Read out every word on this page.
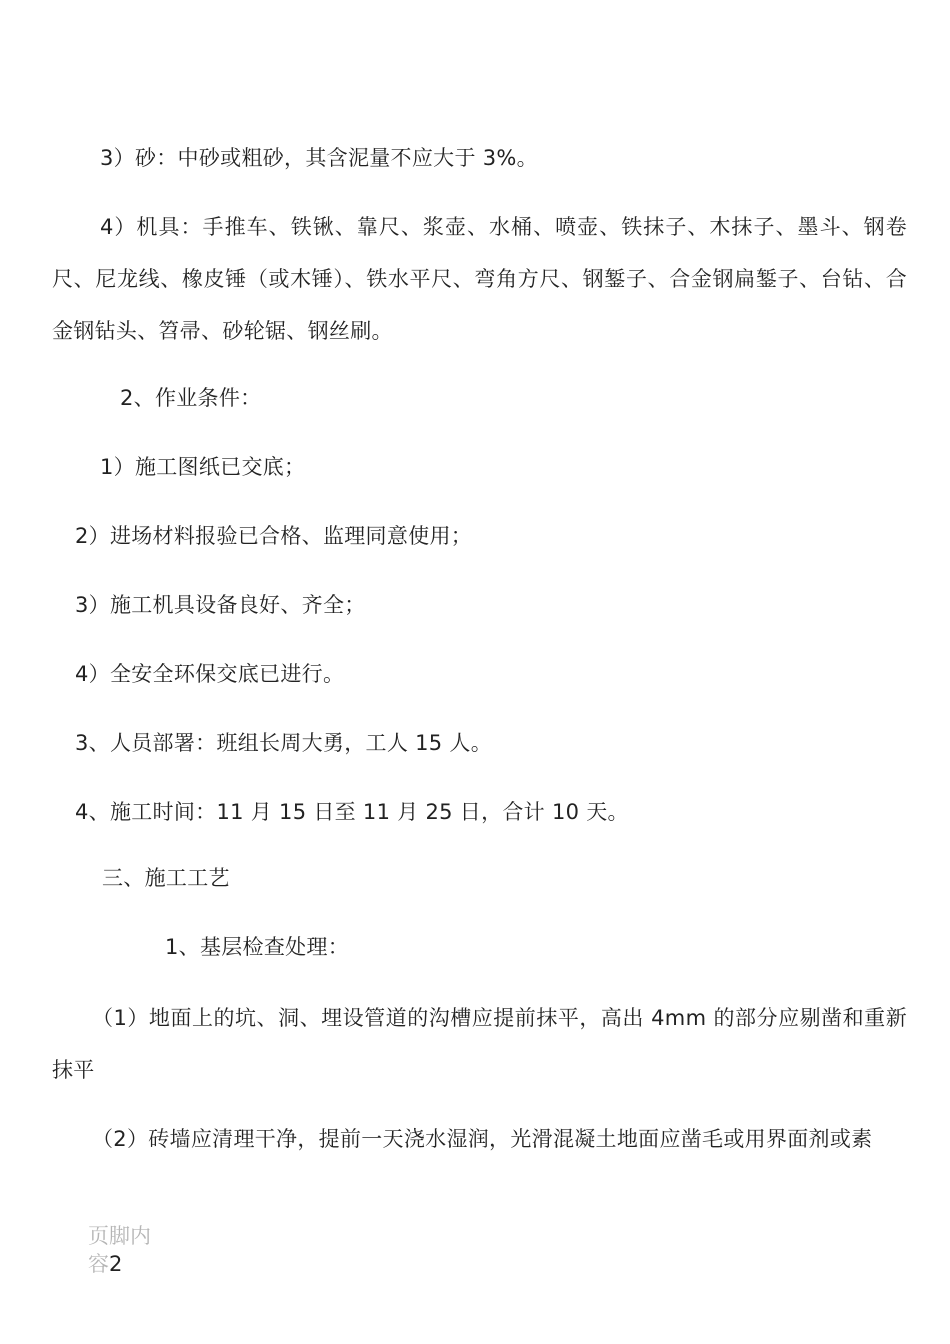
3）砂：中砂或粗砂，其含泥量不应大于 3%。
4）机具：手推车、铁锹、靠尺、浆壶、水桶、喷壶、铁抹子、木抹子、墨斗、钢卷尺、尼龙线、橡皮锤（或木锤）、铁水平尺、弯角方尺、钢錾子、合金钢扁錾子、台钻、合金钢钻头、笤帚、砂轮锯、钢丝刷。
2、作业条件：
1）施工图纸已交底；
2）进场材料报验已合格、监理同意使用；
3）施工机具设备良好、齐全；
4）全安全环保交底已进行。
3、人员部署：班组长周大勇，工人 15 人。
4、施工时间：11 月 15 日至 11 月 25 日，合计 10 天。
三、施工工艺
1、基层检查处理：
（1）地面上的坑、洞、埋设管道的沟槽应提前抹平，高出 4mm 的部分应剔凿和重新抹平
（2）砖墙应清理干净，提前一天浇水湿润，光滑混凝土地面应凿毛或用界面剂或素
页脚内容2
